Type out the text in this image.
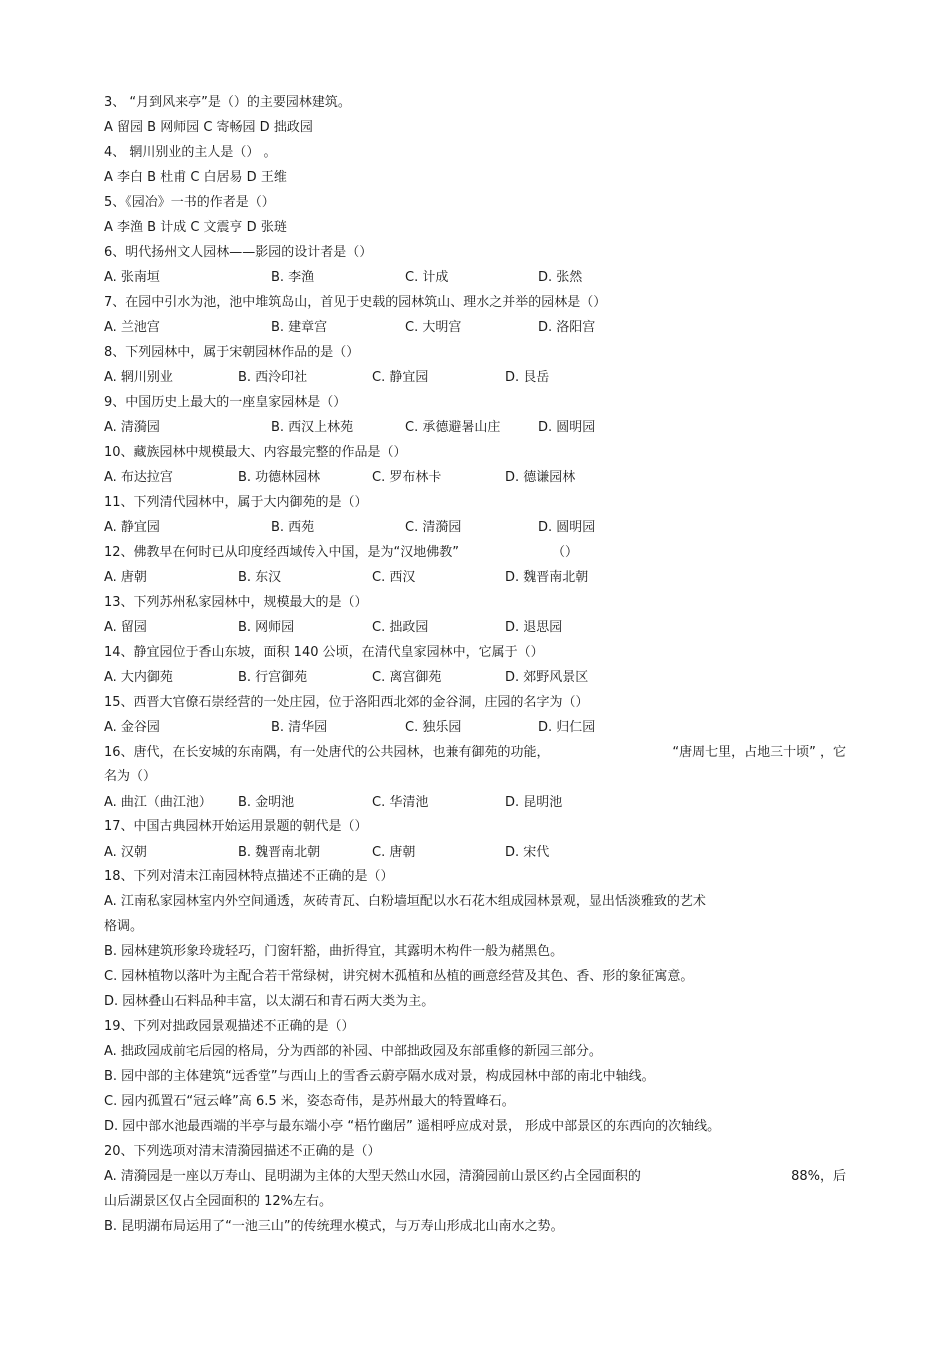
3、 “月到风来亭”是（）的主要园林建筑。
A 留园 B 网师园 C 寄畅园 D 拙政园
4、 辋川别业的主人是（） 。
A 李白 B 杜甫 C 白居易 D 王维
5、《园冶》一书的作者是（）
A 李渔 B 计成 C 文震亨 D 张琏
6、明代扬州文人园林——影园的设计者是（）
A. 张南垣	B. 李渔	C. 计成	D. 张然
7、在园中引水为池，池中堆筑岛山，首见于史载的园林筑山、理水之并举的园林是（）
A. 兰池宫	B. 建章宫	C. 大明宫	D. 洛阳宫
8、下列园林中，属于宋朝园林作品的是（）
A. 辋川别业	B. 西泠印社	C. 静宜园	D. 艮岳
9、中国历史上最大的一座皇家园林是（）
A. 清漪园	B. 西汉上林苑	C. 承德避暑山庄	D. 圆明园
10、藏族园林中规模最大、内容最完整的作品是（）
A. 布达拉宫	B. 功德林园林	C. 罗布林卡	D. 德谦园林
11、下列清代园林中，属于大内御苑的是（）
A. 静宜园	B. 西苑	C. 清漪园	D. 圆明园
12、佛教早在何时已从印度经西域传入中国，是为“汉地佛教”	（）
A. 唐朝	B. 东汉	C. 西汉	D. 魏晋南北朝
13、下列苏州私家园林中，规模最大的是（）
A. 留园	B. 网师园	C. 拙政园	D. 退思园
14、静宜园位于香山东坡，面积 140 公顷，在清代皇家园林中，它属于（）
A. 大内御苑	B. 行宫御苑	C. 离宫御苑	D. 郊野风景区
15、西晋大官僚石崇经营的一处庄园，位于洛阳西北郊的金谷洞，庄园的名字为（）
A. 金谷园	B. 清华园	C. 独乐园	D. 归仁园
16、唐代，在长安城的东南隅，有一处唐代的公共园林，也兼有御苑的功能，	“唐周七里，占地三十顷” ，它
名为（）
A. 曲江（曲江池） B. 金明池	C. 华清池	D. 昆明池
17、中国古典园林开始运用景题的朝代是（）
A. 汉朝	B. 魏晋南北朝	C. 唐朝	D. 宋代
18、下列对清末江南园林特点描述不正确的是（）
A. 江南私家园林室内外空间通透，灰砖青瓦、白粉墙垣配以水石花木组成园林景观，显出恬淡雅致的艺术
格调。
B. 园林建筑形象玲珑轻巧，门窗轩豁，曲折得宜，其露明木构件一般为赭黑色。
C. 园林植物以落叶为主配合若干常绿树，讲究树木孤植和丛植的画意经营及其色、香、形的象征寓意。
D. 园林叠山石料品种丰富，以太湖石和青石两大类为主。
19、下列对拙政园景观描述不正确的是（）
A. 拙政园成前宅后园的格局，分为西部的补园、中部拙政园及东部重修的新园三部分。
B. 园中部的主体建筑“远香堂”与西山上的雪香云蔚亭隔水成对景，构成园林中部的南北中轴线。
C. 园内孤置石“冠云峰”高 6.5 米，姿态奇伟，是苏州最大的特置峰石。
D. 园中部水池最西端的半亭与最东端小亭 “梧竹幽居” 遥相呼应成对景， 形成中部景区的东西向的次轴线。
20、下列选项对清末清漪园描述不正确的是（）
A. 清漪园是一座以万寿山、昆明湖为主体的大型天然山水园，清漪园前山景区约占全园面积的	88%，后
山后湖景区仅占全园面积的 12%左右。
B. 昆明湖布局运用了“一池三山”的传统理水模式，与万寿山形成北山南水之势。
